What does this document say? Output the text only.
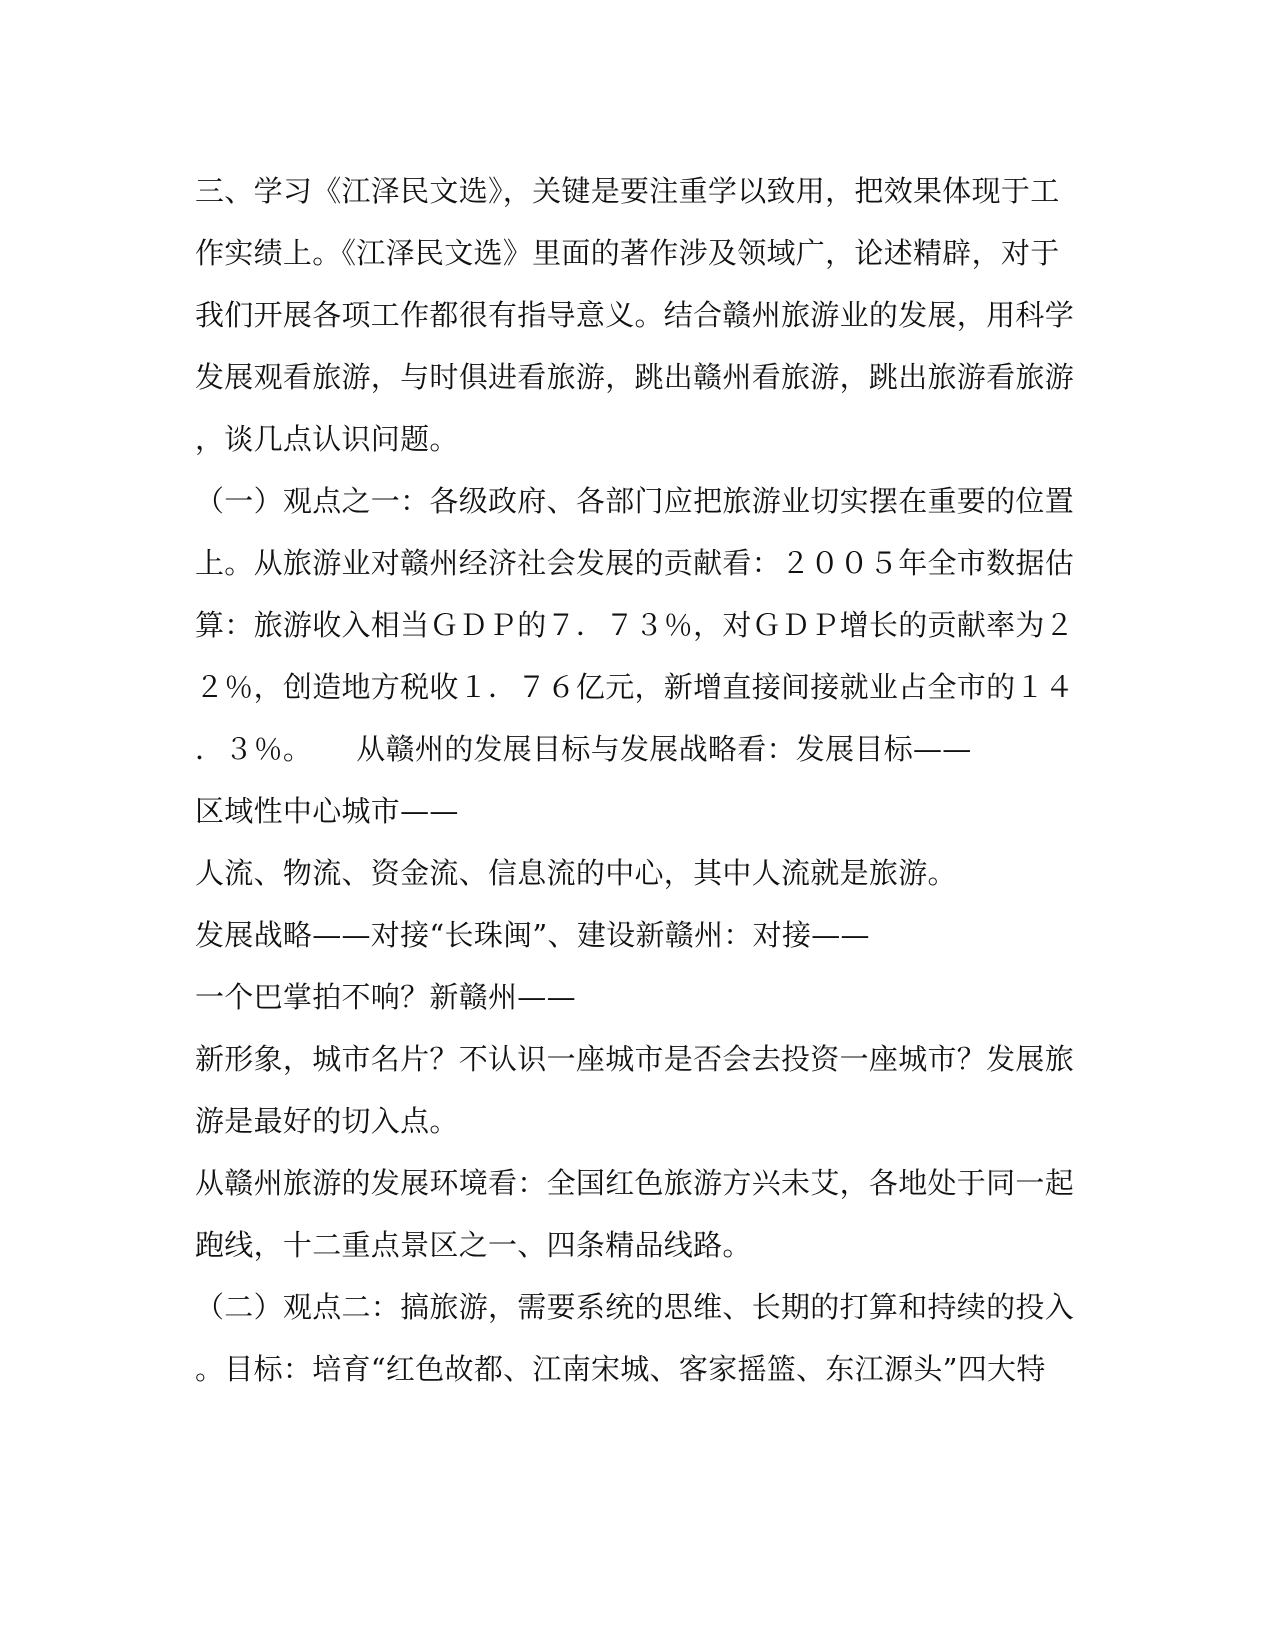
三、学习《江泽民文选》，关键是要注重学以致用，把效果体现于工
作实绩上。《江泽民文选》里面的著作涉及领域广，论述精辟，对于
我们开展各项工作都很有指导意义。结合赣州旅游业的发展，用科学
发展观看旅游，与时俱进看旅游，跳出赣州看旅游，跳出旅游看旅游
，谈几点认识问题。
（一）观点之一：各级政府、各部门应把旅游业切实摆在重要的位置
上。从旅游业对赣州经济社会发展的贡献看：２００５年全市数据估
算：旅游收入相当ＧＤＰ的７．７３％，对ＧＤＰ增长的贡献率为２
２％，创造地方税收１．７６亿元，新增直接间接就业占全市的１４
．３％。　　从赣州的发展目标与发展战略看：发展目标——
区域性中心城市——
人流、物流、资金流、信息流的中心，其中人流就是旅游。
发展战略——对接“长珠闽”、建设新赣州：对接——
一个巴掌拍不响？新赣州——
新形象，城市名片？不认识一座城市是否会去投资一座城市？发展旅
游是最好的切入点。
从赣州旅游的发展环境看：全国红色旅游方兴未艾，各地处于同一起
跑线，十二重点景区之一、四条精品线路。
（二）观点二：搞旅游，需要系统的思维、长期的打算和持续的投入
。目标：培育“红色故都、江南宋城、客家摇篮、东江源头”四大特
